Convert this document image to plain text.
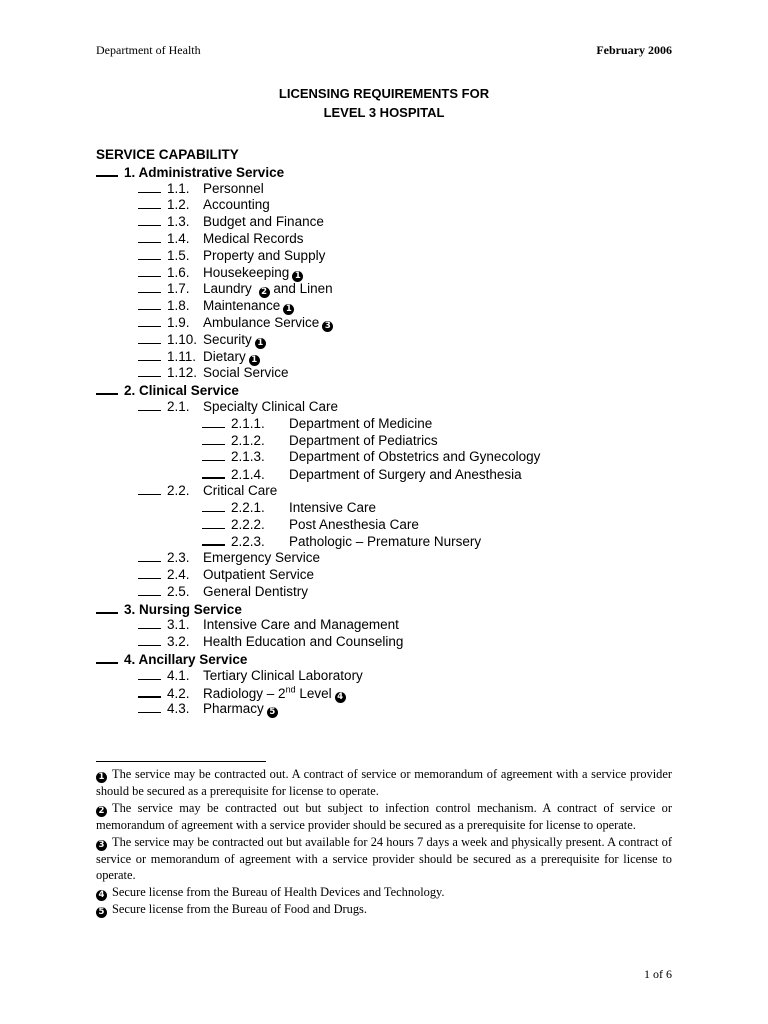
Department of Health	February 2006
LICENSING REQUIREMENTS FOR
LEVEL 3 HOSPITAL
SERVICE CAPABILITY
1. Administrative Service
1.1. Personnel
1.2. Accounting
1.3. Budget and Finance
1.4. Medical Records
1.5. Property and Supply
1.6. Housekeeping 1
1.7. Laundry 2 and Linen
1.8. Maintenance 1
1.9. Ambulance Service 3
1.10. Security 1
1.11. Dietary 1
1.12. Social Service
2. Clinical Service
2.1. Specialty Clinical Care
2.1.1. Department of Medicine
2.1.2. Department of Pediatrics
2.1.3. Department of Obstetrics and Gynecology
2.1.4. Department of Surgery and Anesthesia
2.2. Critical Care
2.2.1. Intensive Care
2.2.2. Post Anesthesia Care
2.2.3. Pathologic – Premature Nursery
2.3. Emergency Service
2.4. Outpatient Service
2.5. General Dentistry
3. Nursing Service
3.1. Intensive Care and Management
3.2. Health Education and Counseling
4. Ancillary Service
4.1. Tertiary Clinical Laboratory
4.2. Radiology – 2nd Level 4
4.3. Pharmacy 5

1 The service may be contracted out. A contract of service or memorandum of agreement with a service provider should be secured as a prerequisite for license to operate.

2 The service may be contracted out but subject to infection control mechanism. A contract of service or memorandum of agreement with a service provider should be secured as a prerequisite for license to operate.

3 The service may be contracted out but available for 24 hours 7 days a week and physically present. A contract of service or memorandum of agreement with a service provider should be secured as a prerequisite for license to operate.

4 Secure license from the Bureau of Health Devices and Technology.

5 Secure license from the Bureau of Food and Drugs.

1 of 6
